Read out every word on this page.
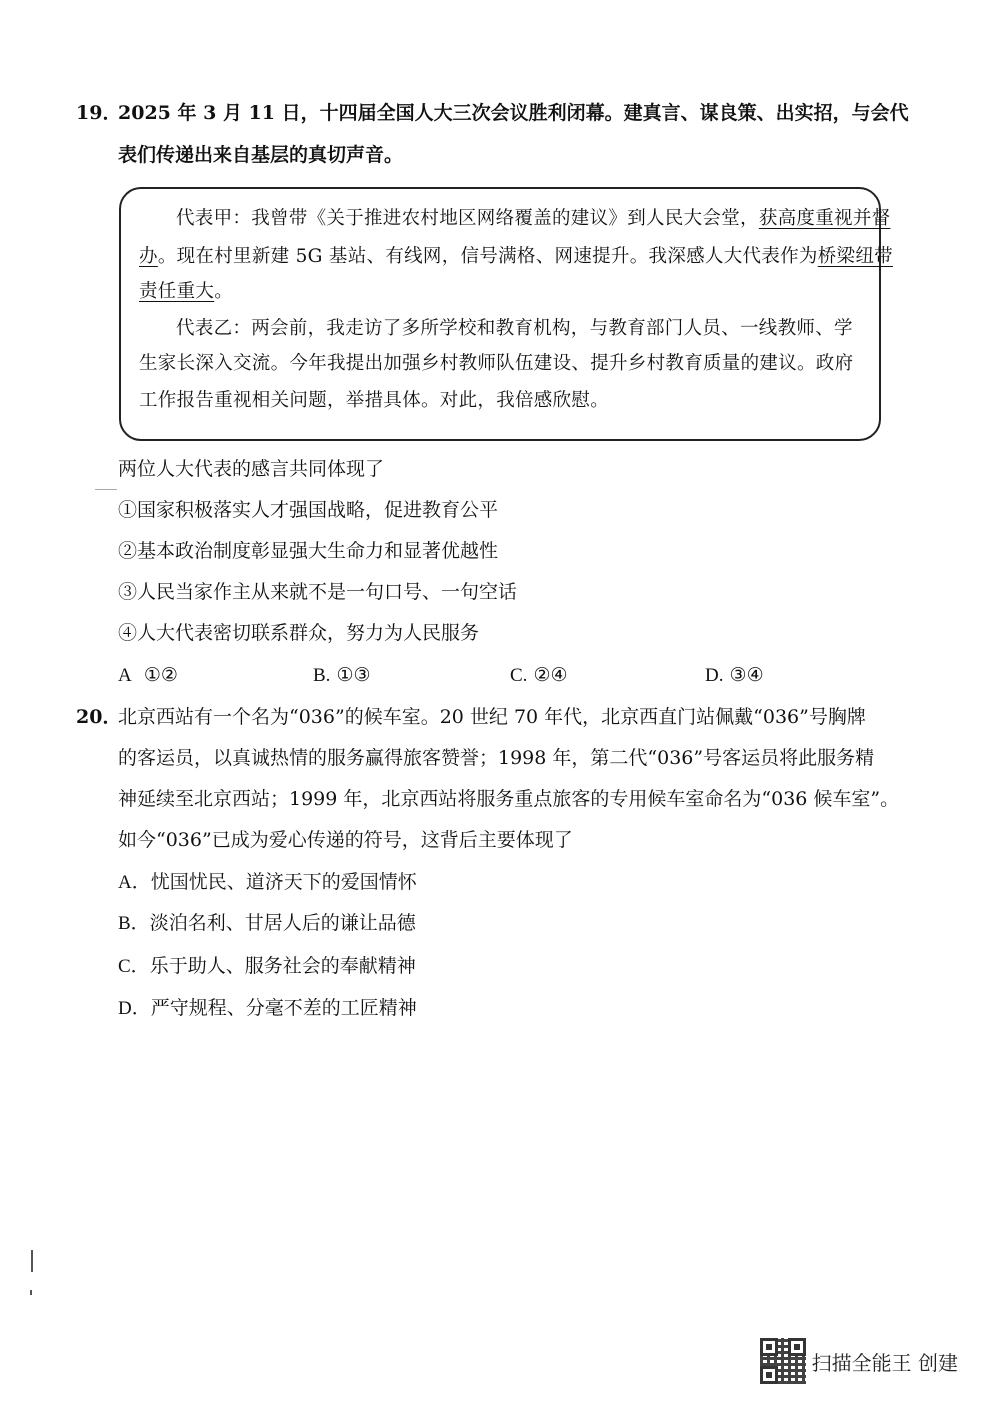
19．
2025 年 3 月 11 日，十四届全国人大三次会议胜利闭幕。建真言、谋良策、出实招，与会代
表们传递出来自基层的真切声音。
代表甲：我曾带《关于推进农村地区网络覆盖的建议》到人民大会堂，获高度重视并督
办。现在村里新建 5G 基站、有线网，信号满格、网速提升。我深感人大代表作为桥梁纽带
责任重大。
代表乙：两会前，我走访了多所学校和教育机构，与教育部门人员、一线教师、学
生家长深入交流。今年我提出加强乡村教师队伍建设、提升乡村教育质量的建议。政府
工作报告重视相关问题，举措具体。对此，我倍感欣慰。
两位人大代表的感言共同体现了
①国家积极落实人才强国战略，促进教育公平
②基本政治制度彰显强大生命力和显著优越性
③人民当家作主从来就不是一句口号、一句空话
④人大代表密切联系群众，努力为人民服务
A ①②	B. ①③	C. ②④	D. ③④
20．
北京西站有一个名为“036”的候车室。20 世纪 70 年代，北京西直门站佩戴“036”号胸牌
的客运员，以真诚热情的服务赢得旅客赞誉；1998 年，第二代“036”号客运员将此服务精
神延续至北京西站；1999 年，北京西站将服务重点旅客的专用候车室命名为“036 候车室”。
如今“036”已成为爱心传递的符号，这背后主要体现了
A．忧国忧民、道济天下的爱国情怀
B．淡泊名利、甘居人后的谦让品德
C．乐于助人、服务社会的奉献精神
D．严守规程、分毫不差的工匠精神
扫描全能王 创建
